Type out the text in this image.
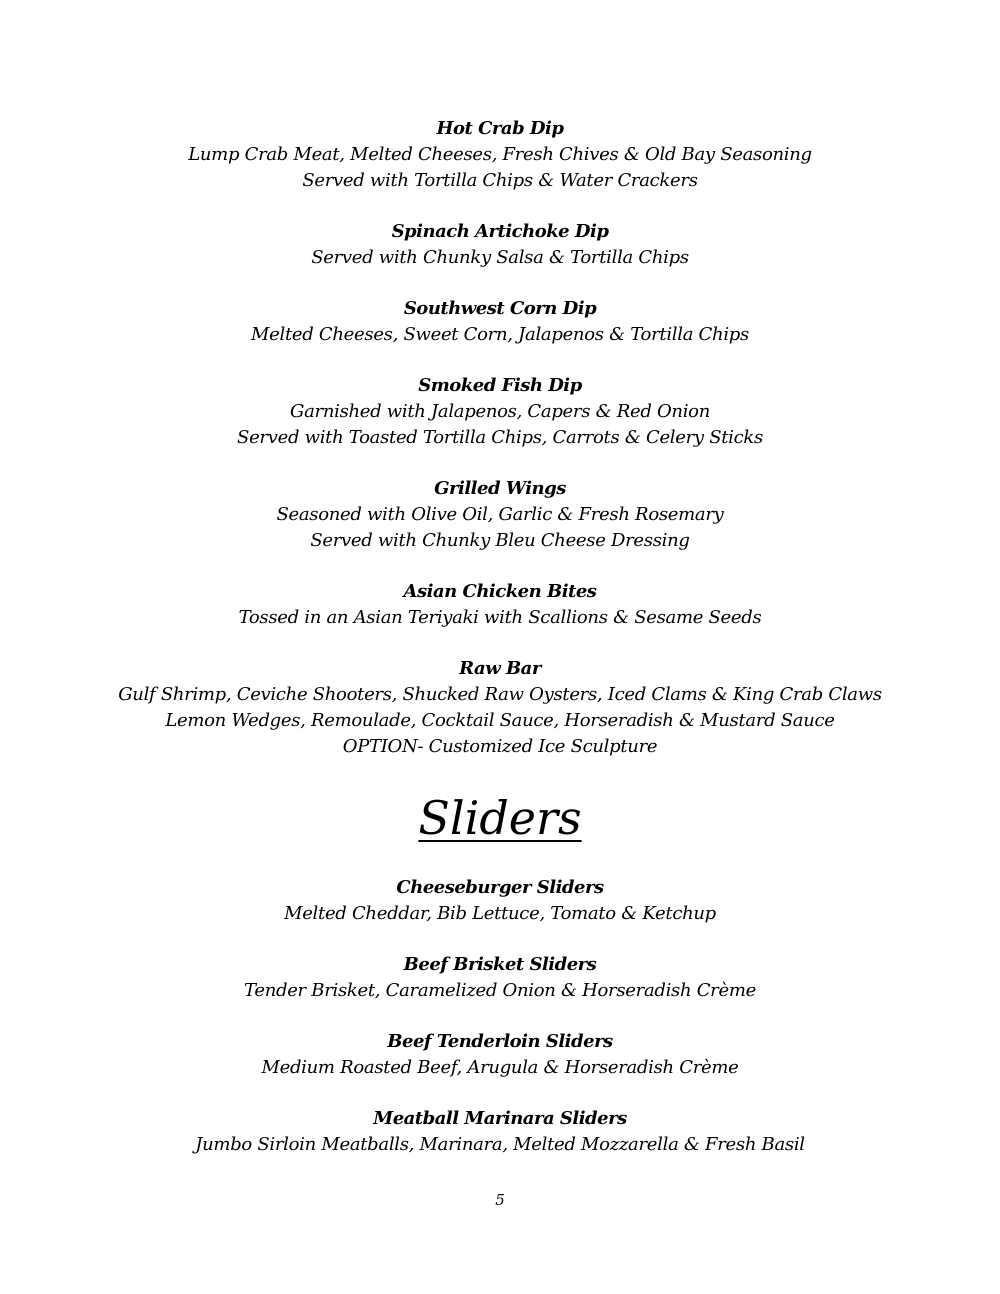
Hot Crab Dip
Lump Crab Meat, Melted Cheeses, Fresh Chives & Old Bay Seasoning
Served with Tortilla Chips & Water Crackers
Spinach Artichoke Dip
Served with Chunky Salsa & Tortilla Chips
Southwest Corn Dip
Melted Cheeses, Sweet Corn, Jalapenos & Tortilla Chips
Smoked Fish Dip
Garnished with Jalapenos, Capers & Red Onion
Served with Toasted Tortilla Chips, Carrots & Celery Sticks
Grilled Wings
Seasoned with Olive Oil, Garlic & Fresh Rosemary
Served with Chunky Bleu Cheese Dressing
Asian Chicken Bites
Tossed in an Asian Teriyaki with Scallions & Sesame Seeds
Raw Bar
Gulf Shrimp, Ceviche Shooters, Shucked Raw Oysters, Iced Clams & King Crab Claws
Lemon Wedges, Remoulade, Cocktail Sauce, Horseradish & Mustard Sauce
OPTION- Customized Ice Sculpture
Sliders
Cheeseburger Sliders
Melted Cheddar, Bib Lettuce, Tomato & Ketchup
Beef Brisket Sliders
Tender Brisket, Caramelized Onion & Horseradish Crème
Beef Tenderloin Sliders
Medium Roasted Beef, Arugula & Horseradish Crème
Meatball Marinara Sliders
Jumbo Sirloin Meatballs, Marinara, Melted Mozzarella & Fresh Basil
5
